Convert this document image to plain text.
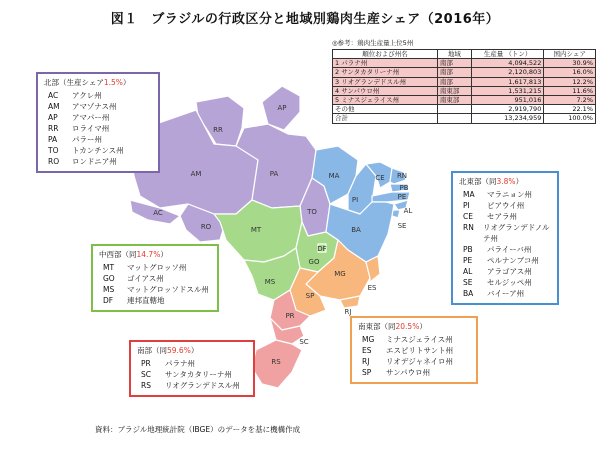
図１　ブラジルの行政区分と地域別鶏肉生産シェア（2016年）
RR
AP
AM	PA
AC
RO
TO
MA	CE RN
PB
PI	PE
AL
SE
BA
MT
GO
DF
MS
MG
ES
SP
RJ
PR
SC
RS
◎参考：鶏肉生産量上位5州
順位および州名	地域	生産量 （トン）	国内シェア
1 パラナ州	南部	4,094,522	30.9%
2 サンタカタリーナ州	南部	2,120,803	16.0%
3 リオグランデドスル州	南部	1,617,813	12.2%
4 サンパウロ州	南東部	1,531,215	11.6%
5 ミナスジェライス州	南東部	951,016	7.2%
その他		2,919,790	22.1%
合計		13,234,959	100.0%
北部（生産シェア1.5%）
AC	アクレ州
AM	アマゾナス州
AP	アマパー州
RR	ロライマ州
PA	パラー州
TO	トカンチンス州
RO	ロンドニア州
北東部（同3.8%）
MA	マラニョン州
PI	ピアウイ州
CE	セアラ州
RN	リオグランデドノルテ州
PB	パライーバ州
PE	ペルナンブコ州
AL	アラゴアス州
SE	セルジッペ州
BA	バイーア州
中西部（同14.7%）
MT	マットグロッソ州
GO	ゴイアス州
MS	マットグロッソドスル州
DF	連邦直轄地
南東部（同20.5%）
MG	ミナスジェライス州
ES	エスピリトサント州
RJ	リオデジャネイロ州
SP	サンパウロ州
南部（同59.6%）
PR	パラナ州
SC	サンタカタリーナ州
RS	リオグランデドスル州
資料：ブラジル地理統計院（IBGE）のデータを基に機構作成
